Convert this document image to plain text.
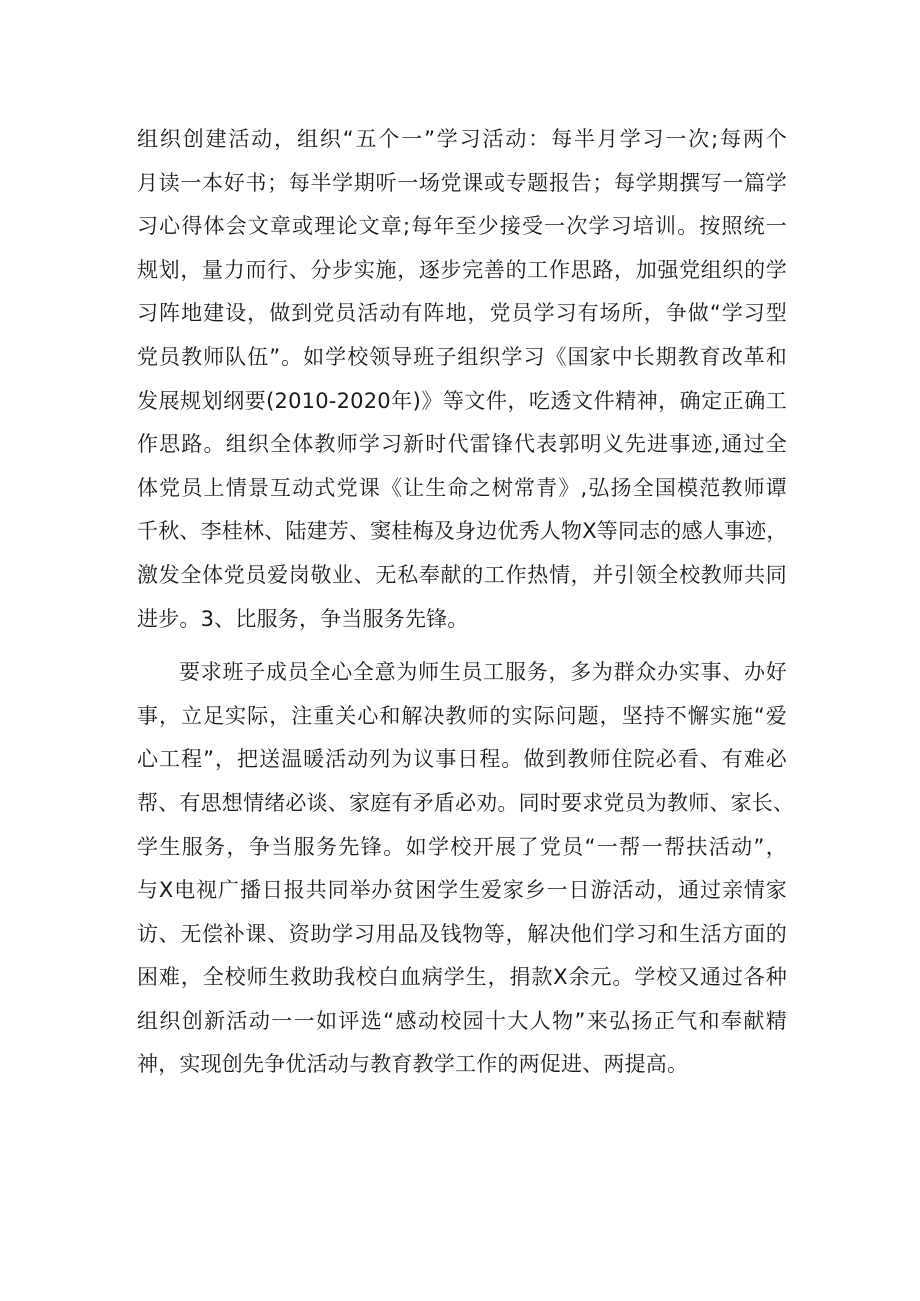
组织创建活动，组织“五个一”学习活动：每半月学习一次;每两个
月读一本好书；每半学期听一场党课或专题报告；每学期撰写一篇学
习心得体会文章或理论文章;每年至少接受一次学习培训。按照统一
规划，量力而行、分步实施，逐步完善的工作思路，加强党组织的学
习阵地建设，做到党员活动有阵地，党员学习有场所，争做“学习型
党员教师队伍”。如学校领导班子组织学习《国家中长期教育改革和
发展规划纲要(2010-2020年)》等文件，吃透文件精神，确定正确工
作思路。组织全体教师学习新时代雷锋代表郭明义先进事迹,通过全
体党员上情景互动式党课《让生命之树常青》,弘扬全国模范教师谭
千秋、李桂林、陆建芳、窦桂梅及身边优秀人物X等同志的感人事迹，
激发全体党员爱岗敬业、无私奉献的工作热情，并引领全校教师共同
进步。3、比服务，争当服务先锋。
要求班子成员全心全意为师生员工服务，多为群众办实事、办好
事，立足实际，注重关心和解决教师的实际问题，坚持不懈实施“爱
心工程”，把送温暖活动列为议事日程。做到教师住院必看、有难必
帮、有思想情绪必谈、家庭有矛盾必劝。同时要求党员为教师、家长、
学生服务，争当服务先锋。如学校开展了党员“一帮一帮扶活动”，
与X电视广播日报共同举办贫困学生爱家乡一日游活动，通过亲情家
访、无偿补课、资助学习用品及钱物等，解决他们学习和生活方面的
困难，全校师生救助我校白血病学生，捐款X余元。学校又通过各种
组织创新活动一一如评选“感动校园十大人物”来弘扬正气和奉献精
神，实现创先争优活动与教育教学工作的两促进、两提高。
